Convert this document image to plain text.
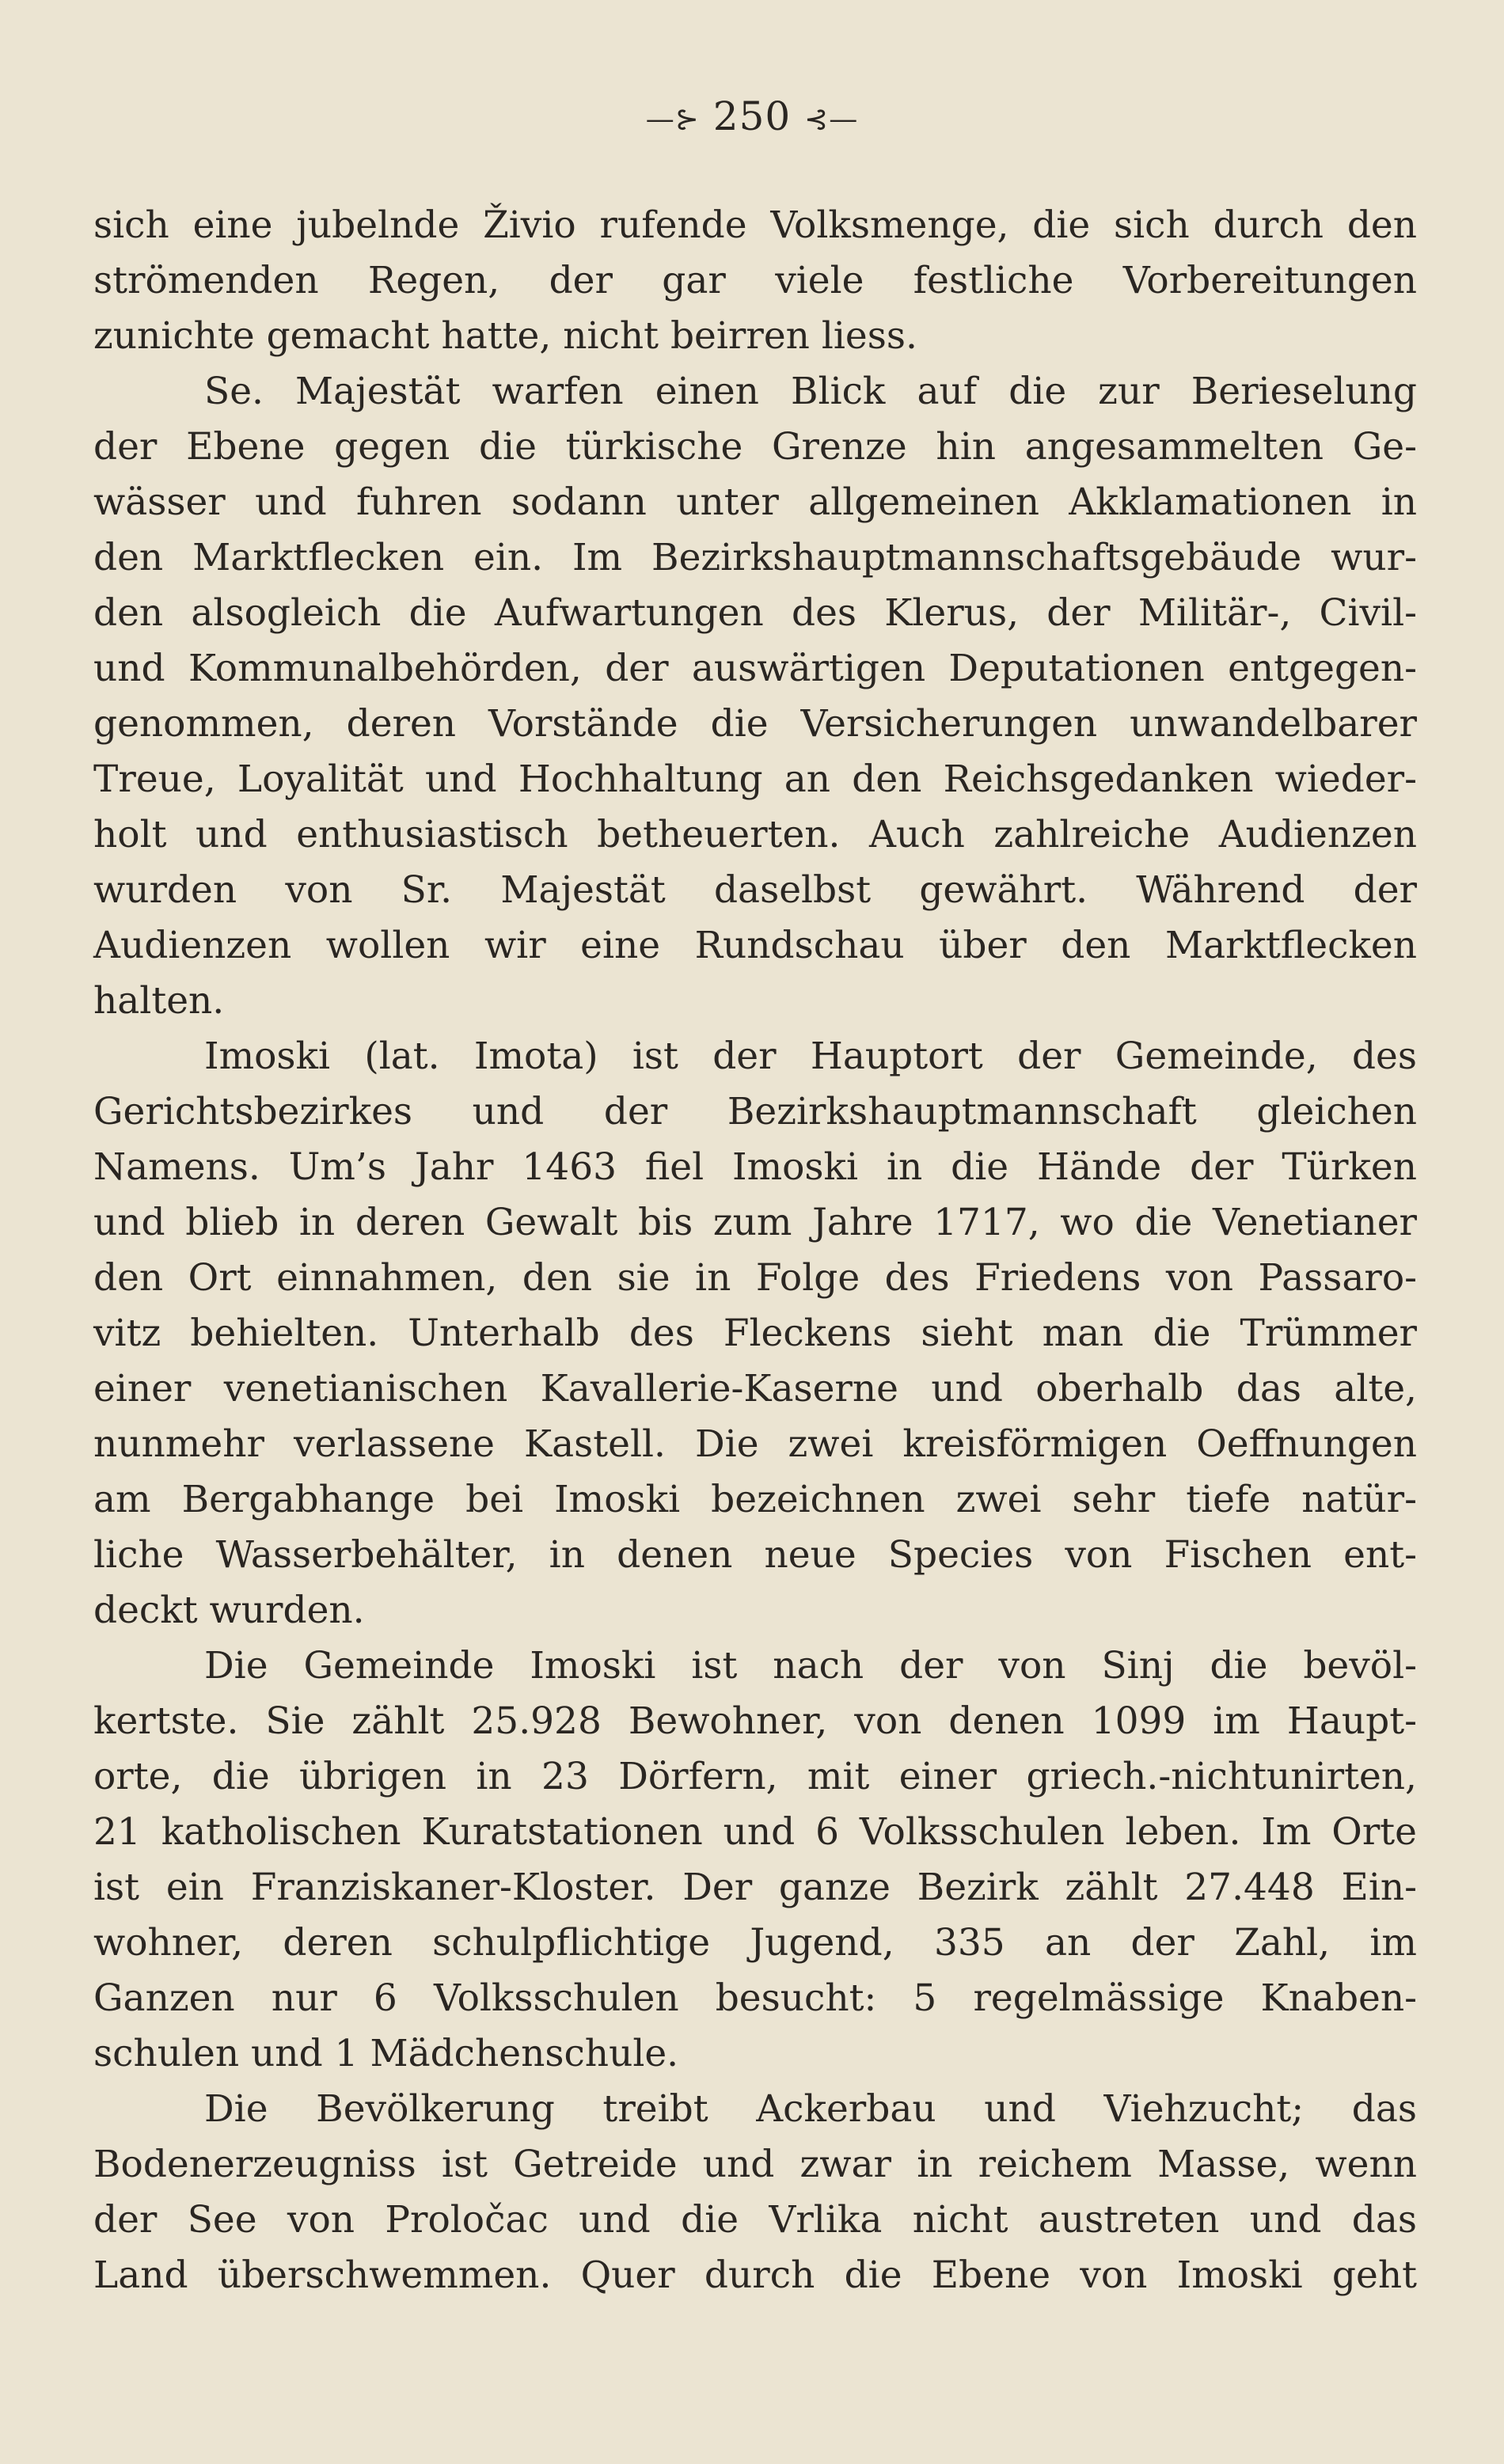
—⊱ 250 ⊰—
sich eine jubelnde Živio rufende Volksmenge, die sich durch den
strömenden Regen, der gar viele festliche Vorbereitungen
zunichte gemacht hatte, nicht beirren liess.
Se. Majestät warfen einen Blick auf die zur Berieselung
der Ebene gegen die türkische Grenze hin angesammelten Ge-
wässer und fuhren sodann unter allgemeinen Akklamationen in
den Marktflecken ein. Im Bezirkshauptmannschaftsgebäude wur-
den alsogleich die Aufwartungen des Klerus, der Militär-, Civil-
und Kommunalbehörden, der auswärtigen Deputationen entgegen-
genommen, deren Vorstände die Versicherungen unwandelbarer
Treue, Loyalität und Hochhaltung an den Reichsgedanken wieder-
holt und enthusiastisch betheuerten. Auch zahlreiche Audienzen
wurden von Sr. Majestät daselbst gewährt. Während der
Audienzen wollen wir eine Rundschau über den Marktflecken
halten.
Imoski (lat. Imota) ist der Hauptort der Gemeinde, des
Gerichtsbezirkes und der Bezirkshauptmannschaft gleichen
Namens. Um’s Jahr 1463 fiel Imoski in die Hände der Türken
und blieb in deren Gewalt bis zum Jahre 1717, wo die Venetianer
den Ort einnahmen, den sie in Folge des Friedens von Passaro-
vitz behielten. Unterhalb des Fleckens sieht man die Trümmer
einer venetianischen Kavallerie-Kaserne und oberhalb das alte,
nunmehr verlassene Kastell. Die zwei kreisförmigen Oeffnungen
am Bergabhange bei Imoski bezeichnen zwei sehr tiefe natür-
liche Wasserbehälter, in denen neue Species von Fischen ent-
deckt wurden.
Die Gemeinde Imoski ist nach der von Sinj die bevöl-
kertste. Sie zählt 25.928 Bewohner, von denen 1099 im Haupt-
orte, die übrigen in 23 Dörfern, mit einer griech.-nichtunirten,
21 katholischen Kuratstationen und 6 Volksschulen leben. Im Orte
ist ein Franziskaner-Kloster. Der ganze Bezirk zählt 27.448 Ein-
wohner, deren schulpflichtige Jugend, 335 an der Zahl, im
Ganzen nur 6 Volksschulen besucht: 5 regelmässige Knaben-
schulen und 1 Mädchenschule.
Die Bevölkerung treibt Ackerbau und Viehzucht; das
Bodenerzeugniss ist Getreide und zwar in reichem Masse, wenn
der See von Proločac und die Vrlika nicht austreten und das
Land überschwemmen. Quer durch die Ebene von Imoski geht
